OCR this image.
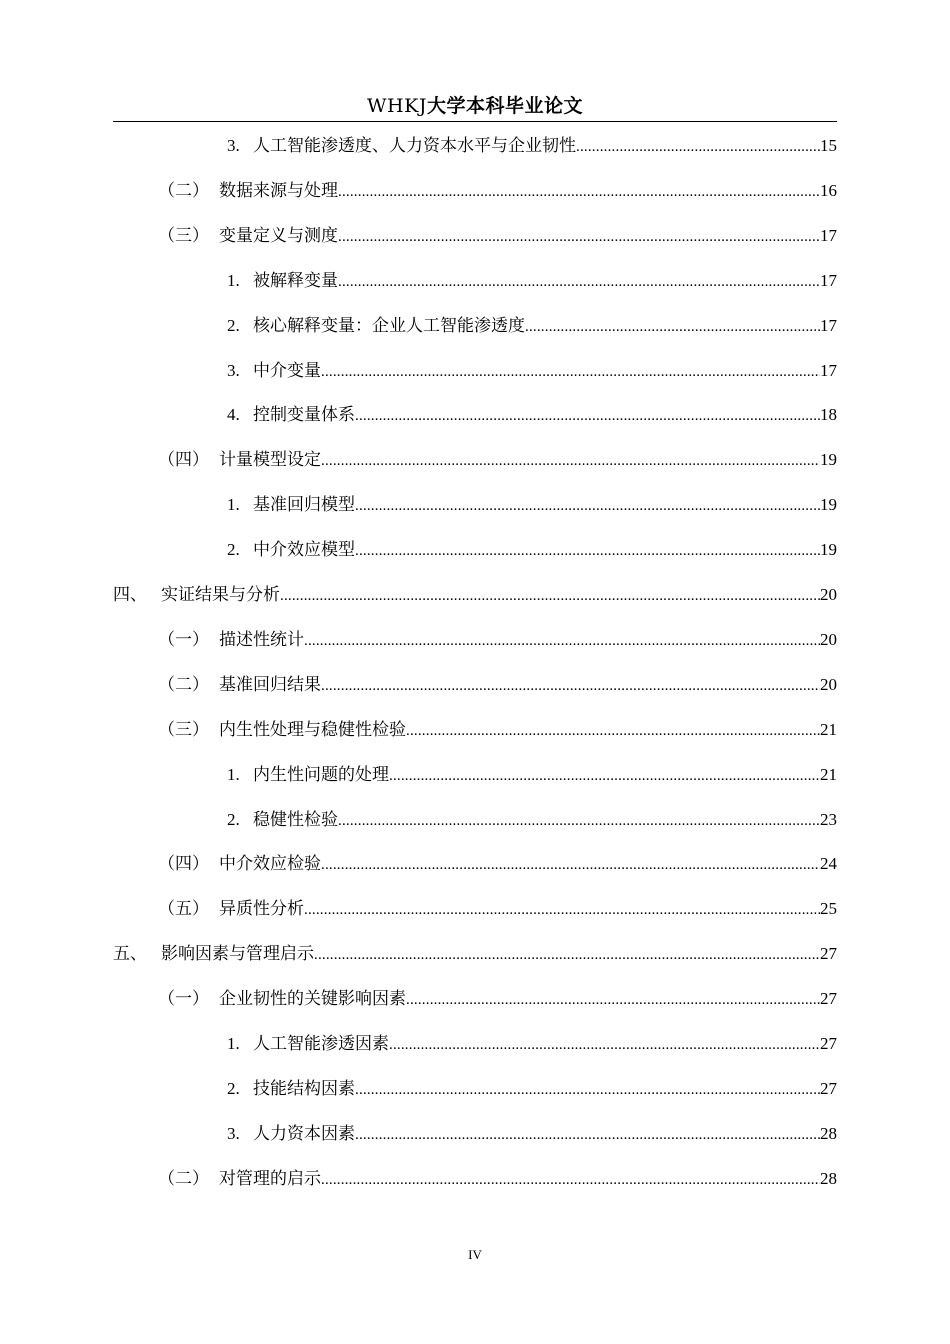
WHKJ大学本科毕业论文
3. 人工智能渗透度、人力资本水平与企业韧性 .....	15
（二） 数据来源与处理 .....	16
（三） 变量定义与测度 .....	17
1. 被解释变量 .....	17
2. 核心解释变量：企业人工智能渗透度 .....	17
3. 中介变量 .....	17
4. 控制变量体系 .....	18
（四） 计量模型设定 .....	19
1. 基准回归模型 .....	19
2. 中介效应模型 .....	19
四、 实证结果与分析 .....	20
（一） 描述性统计 .....	20
（二） 基准回归结果 .....	20
（三） 内生性处理与稳健性检验 .....	21
1. 内生性问题的处理 .....	21
2. 稳健性检验 .....	23
（四） 中介效应检验 .....	24
（五） 异质性分析 .....	25
五、 影响因素与管理启示 .....	27
（一） 企业韧性的关键影响因素 .....	27
1. 人工智能渗透因素 .....	27
2. 技能结构因素 .....	27
3. 人力资本因素 .....	28
（二） 对管理的启示 .....	28
IV
